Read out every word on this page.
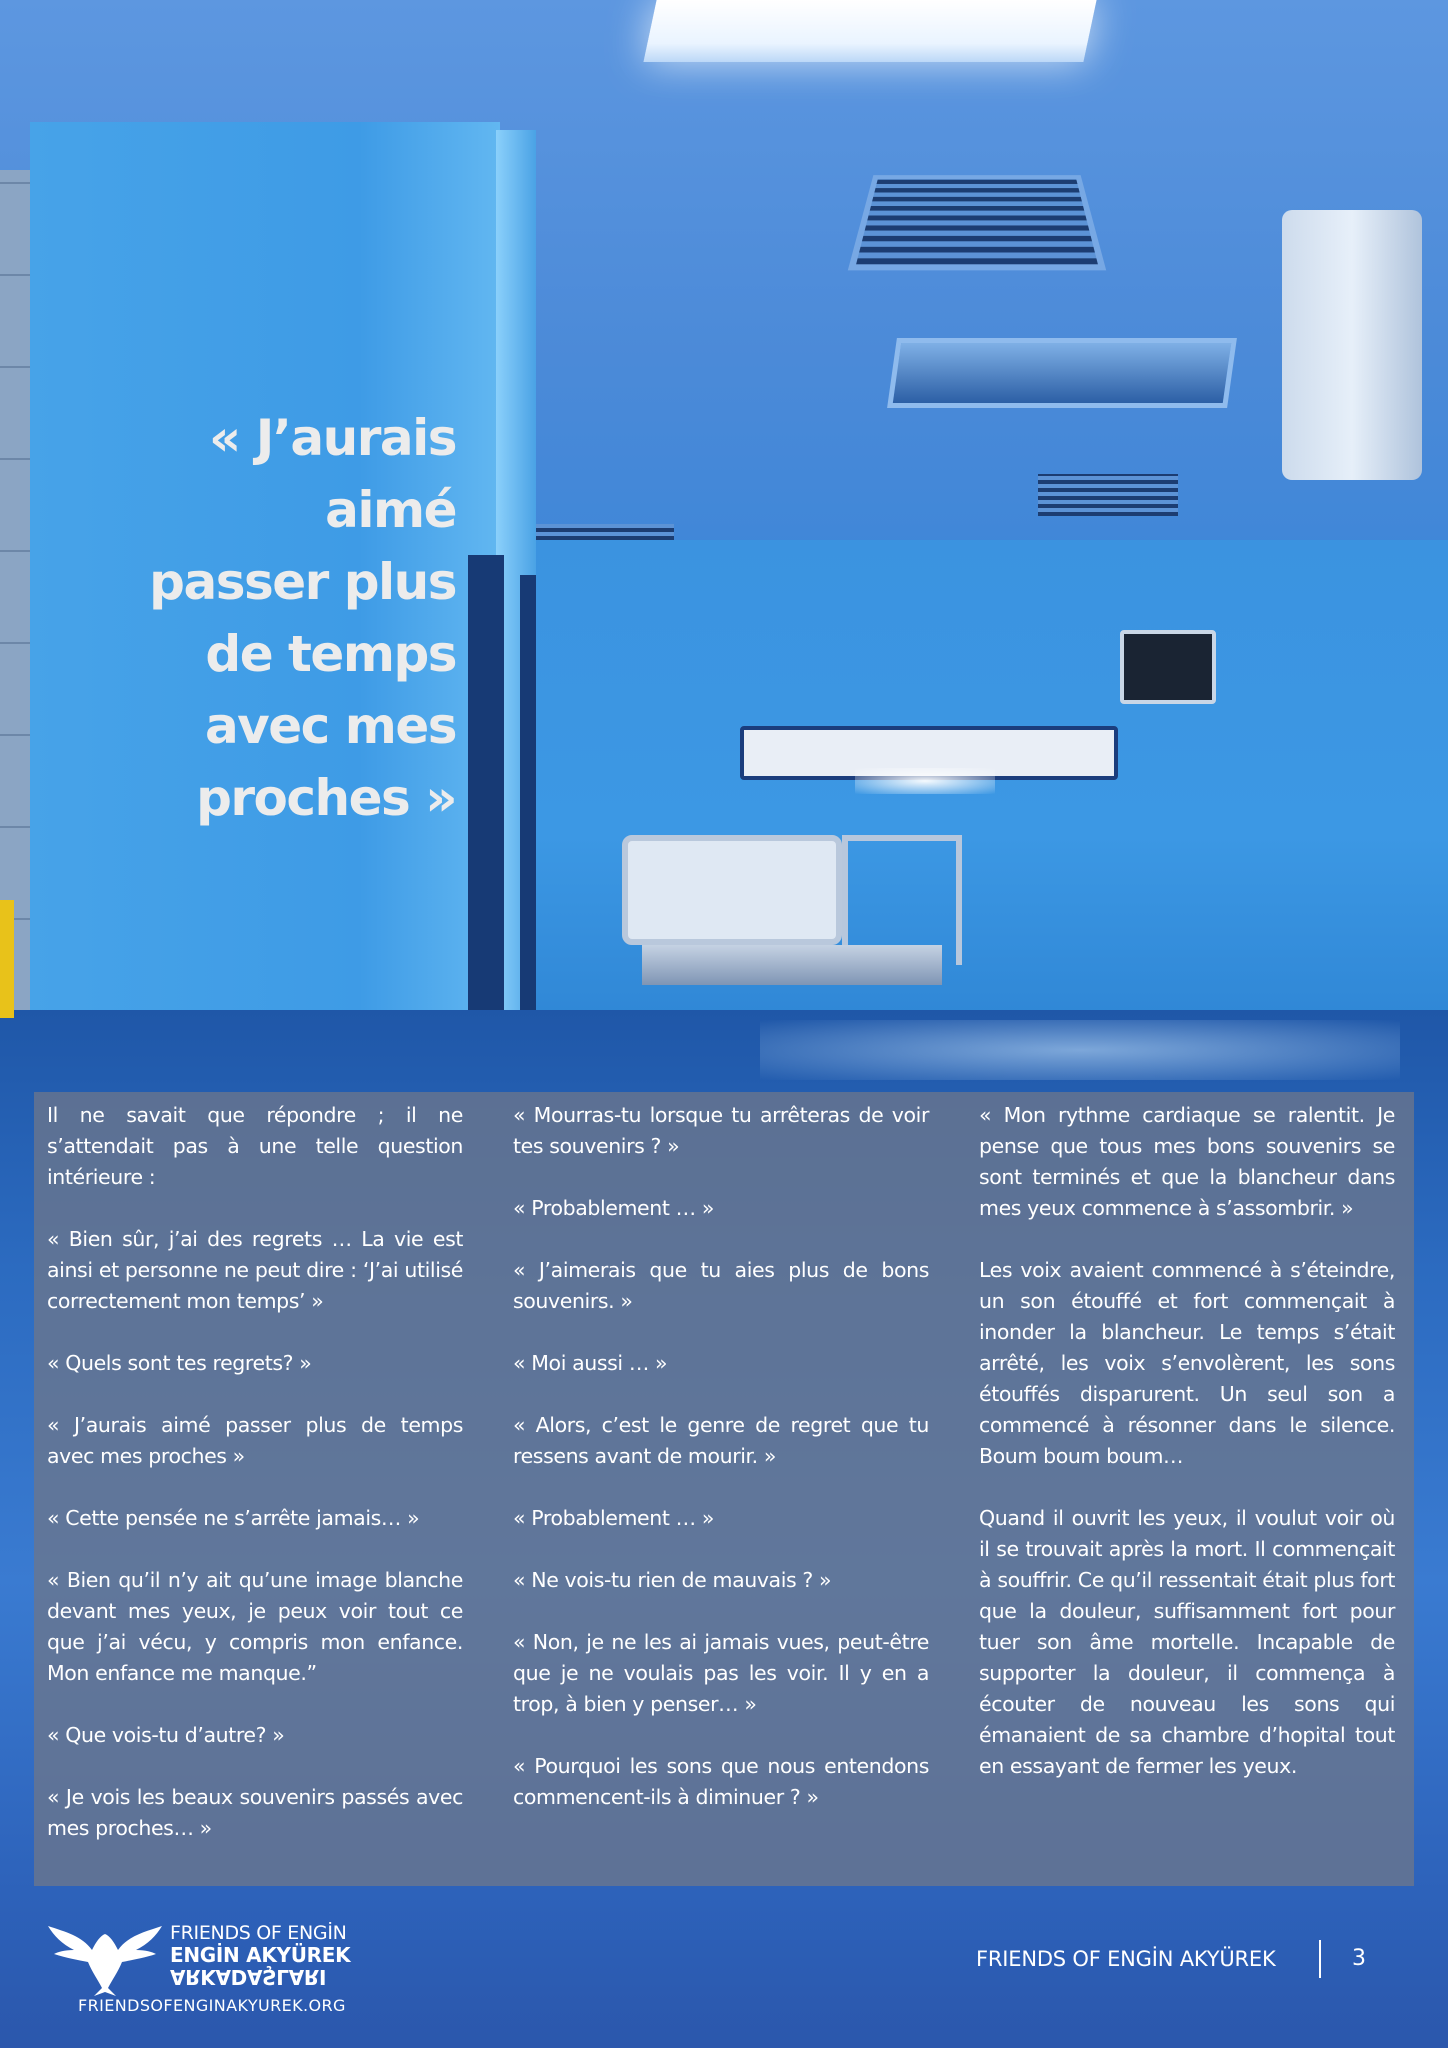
« J’aurais
aimé
passer plus
de temps
avec mes
proches »

Il ne savait que répondre ; il ne s’attendait pas à une telle question intérieure :

« Bien sûr, j’ai des regrets … La vie est ainsi et personne ne peut dire : ‘J’ai utilisé correctement mon temps’ »

« Quels sont tes regrets? »

« J’aurais aimé passer plus de temps avec mes proches »

« Cette pensée ne s’arrête jamais… »

« Bien qu’il n’y ait qu’une image blanche devant mes yeux, je peux voir tout ce que j’ai vécu, y compris mon enfance. Mon enfance me manque.”

« Que vois-tu d’autre? »

« Je vois les beaux souvenirs passés avec mes proches… »

« Mourras-tu lorsque tu arrêteras de voir tes souvenirs ? »

« Probablement … »

« J’aimerais que tu aies plus de bons souvenirs. »

« Moi aussi … »

« Alors, c’est le genre de regret que tu ressens avant de mourir. »

« Probablement … »

« Ne vois-tu rien de mauvais ? »

« Non, je ne les ai jamais vues, peut-être que je ne voulais pas les voir. Il y en a trop, à bien y penser… »

« Pourquoi les sons que nous entendons commencent-ils à diminuer ? »

« Mon rythme cardiaque se ralentit. Je pense que tous mes bons souvenirs se sont terminés et que la blancheur dans mes yeux commence à s’assombrir. »

Les voix avaient commencé à s’éteindre, un son étouffé et fort commençait à inonder la blancheur. Le temps s’était arrêté, les voix s’envolèrent, les sons étouffés disparurent. Un seul son a commencé à résonner dans le silence. Boum boum boum…

Quand il ouvrit les yeux, il voulut voir où il se trouvait après la mort. Il commençait à souffrir. Ce qu’il ressentait était plus fort que la douleur, suffisamment fort pour tuer son âme mortelle. Incapable de supporter la douleur, il commença à écouter de nouveau les sons qui émanaient de sa chambre d’hopital tout en essayant de fermer les yeux.

FRIENDS OF ENGİN
ENGİN AKYÜREK
ARKADAŞLARI
FRIENDSOFENGINAKYUREK.ORG
FRIENDS OF ENGİN AKYÜREK	3
